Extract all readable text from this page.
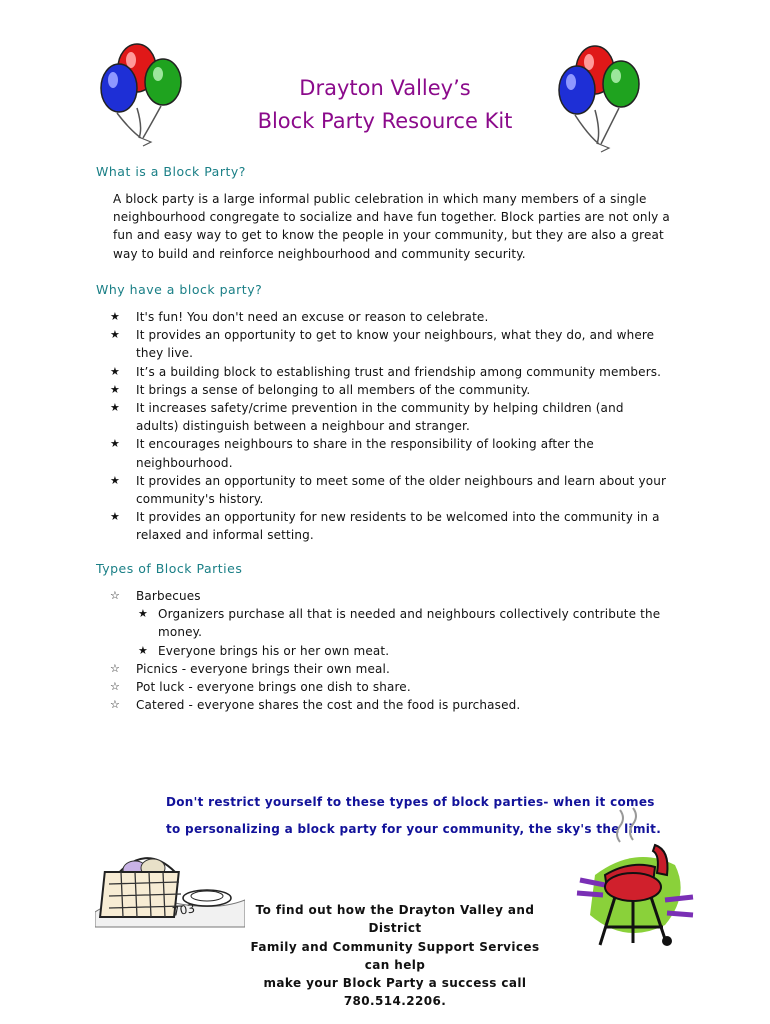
Drayton Valley’s
Block Party Resource Kit
What is a Block Party?

A block party is a large informal public celebration in which many members of a single neighbourhood congregate to socialize and have fun together. Block parties are not only a fun and easy way to get to know the people in your community, but they are also a great way to build and reinforce neighbourhood and community security.

Why have a block party?
★ It's fun! You don't need an excuse or reason to celebrate.
★ It provides an opportunity to get to know your neighbours, what they do, and where they live.
★ It’s a building block to establishing trust and friendship among community members.
★ It brings a sense of belonging to all members of the community.
★ It increases safety/crime prevention in the community by helping children (and adults) distinguish between a neighbour and stranger.
★ It encourages neighbours to share in the responsibility of looking after the neighbourhood.
★ It provides an opportunity to meet some of the older neighbours and learn about your community's history.
★ It provides an opportunity for new residents to be welcomed into the community in a relaxed and informal setting.
Types of Block Parties
☆ Barbecues
★ Organizers purchase all that is needed and neighbours collectively contribute the money.
★ Everyone brings his or her own meat.
☆ Picnics - everyone brings their own meal.
☆ Pot luck - everyone brings one dish to share.
☆ Catered - everyone shares the cost and the food is purchased.

Don't restrict yourself to these types of block parties- when it comes

to personalizing a block party for your community, the sky's the limit.

703	To find out how the Drayton Valley and District
Family and Community Support Services can help
make your Block Party a success call
780.514.2206.
